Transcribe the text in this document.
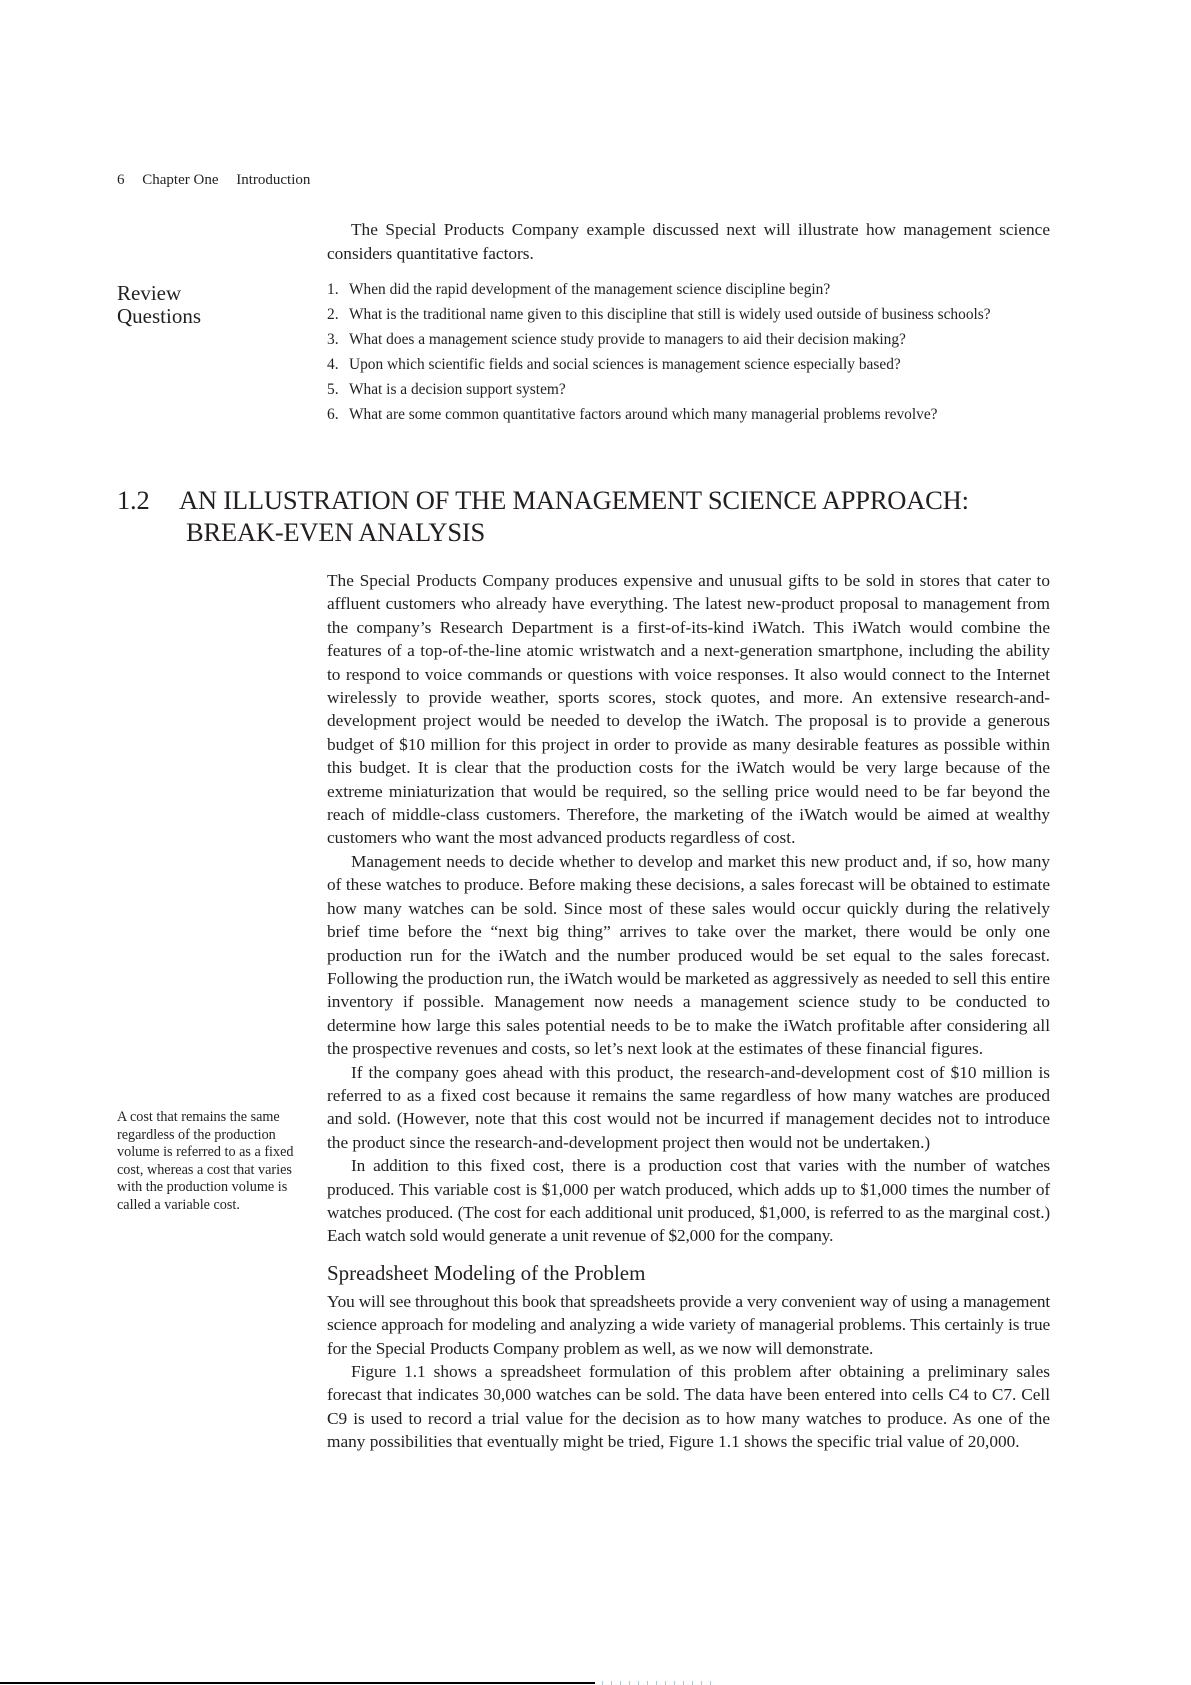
6 Chapter One Introduction

The Special Products Company example discussed next will illustrate how management science considers quantitative factors.

Review
Questions
1. When did the rapid development of the management science discipline begin?
2. What is the traditional name given to this discipline that still is widely used outside of business schools?
3. What does a management science study provide to managers to aid their decision making?
4. Upon which scientific fields and social sciences is management science especially based?
5. What is a decision support system?
6. What are some common quantitative factors around which many managerial problems revolve?
1.2 AN ILLUSTRATION OF THE MANAGEMENT SCIENCE APPROACH:
BREAK-EVEN ANALYSIS

The Special Products Company produces expensive and unusual gifts to be sold in stores that cater to affluent customers who already have everything. The latest new-product proposal to management from the company’s Research Department is a first-of-its-kind iWatch. This iWatch would combine the features of a top-of-the-line atomic wristwatch and a next-generation smartphone, including the ability to respond to voice commands or questions with voice responses. It also would connect to the Internet wirelessly to provide weather, sports scores, stock quotes, and more. An extensive research-and-development project would be needed to develop the iWatch. The proposal is to provide a generous budget of $10 million for this project in order to provide as many desirable features as possible within this budget. It is clear that the production costs for the iWatch would be very large because of the extreme miniaturization that would be required, so the selling price would need to be far beyond the reach of middle-class customers. Therefore, the marketing of the iWatch would be aimed at wealthy customers who want the most advanced products regardless of cost.

Management needs to decide whether to develop and market this new product and, if so, how many of these watches to produce. Before making these decisions, a sales forecast will be obtained to estimate how many watches can be sold. Since most of these sales would occur quickly during the relatively brief time before the “next big thing” arrives to take over the market, there would be only one production run for the iWatch and the number produced would be set equal to the sales forecast. Following the production run, the iWatch would be marketed as aggressively as needed to sell this entire inventory if possible. Management now needs a management science study to be conducted to determine how large this sales potential needs to be to make the iWatch profitable after considering all the prospective revenues and costs, so let’s next look at the estimates of these financial figures.

If the company goes ahead with this product, the research-and-development cost of $10 million is referred to as a fixed cost because it remains the same regardless of how many watches are produced and sold. (However, note that this cost would not be incurred if management decides not to introduce the product since the research-and-development project then would not be undertaken.)

In addition to this fixed cost, there is a production cost that varies with the number of watches produced. This variable cost is $1,000 per watch produced, which adds up to $1,000 times the number of watches produced. (The cost for each additional unit produced, $1,000, is referred to as the marginal cost.) Each watch sold would generate a unit revenue of $2,000 for the company.

Spreadsheet Modeling of the Problem

You will see throughout this book that spreadsheets provide a very convenient way of using a management science approach for modeling and analyzing a wide variety of managerial problems. This certainly is true for the Special Products Company problem as well, as we now will demonstrate.

Figure 1.1 shows a spreadsheet formulation of this problem after obtaining a preliminary sales forecast that indicates 30,000 watches can be sold. The data have been entered into cells C4 to C7. Cell C9 is used to record a trial value for the decision as to how many watches to produce. As one of the many possibilities that eventually might be tried, Figure 1.1 shows the specific trial value of 20,000.

A cost that remains the same regardless of the production volume is referred to as a fixed cost, whereas a cost that varies with the production volume is called a variable cost.
